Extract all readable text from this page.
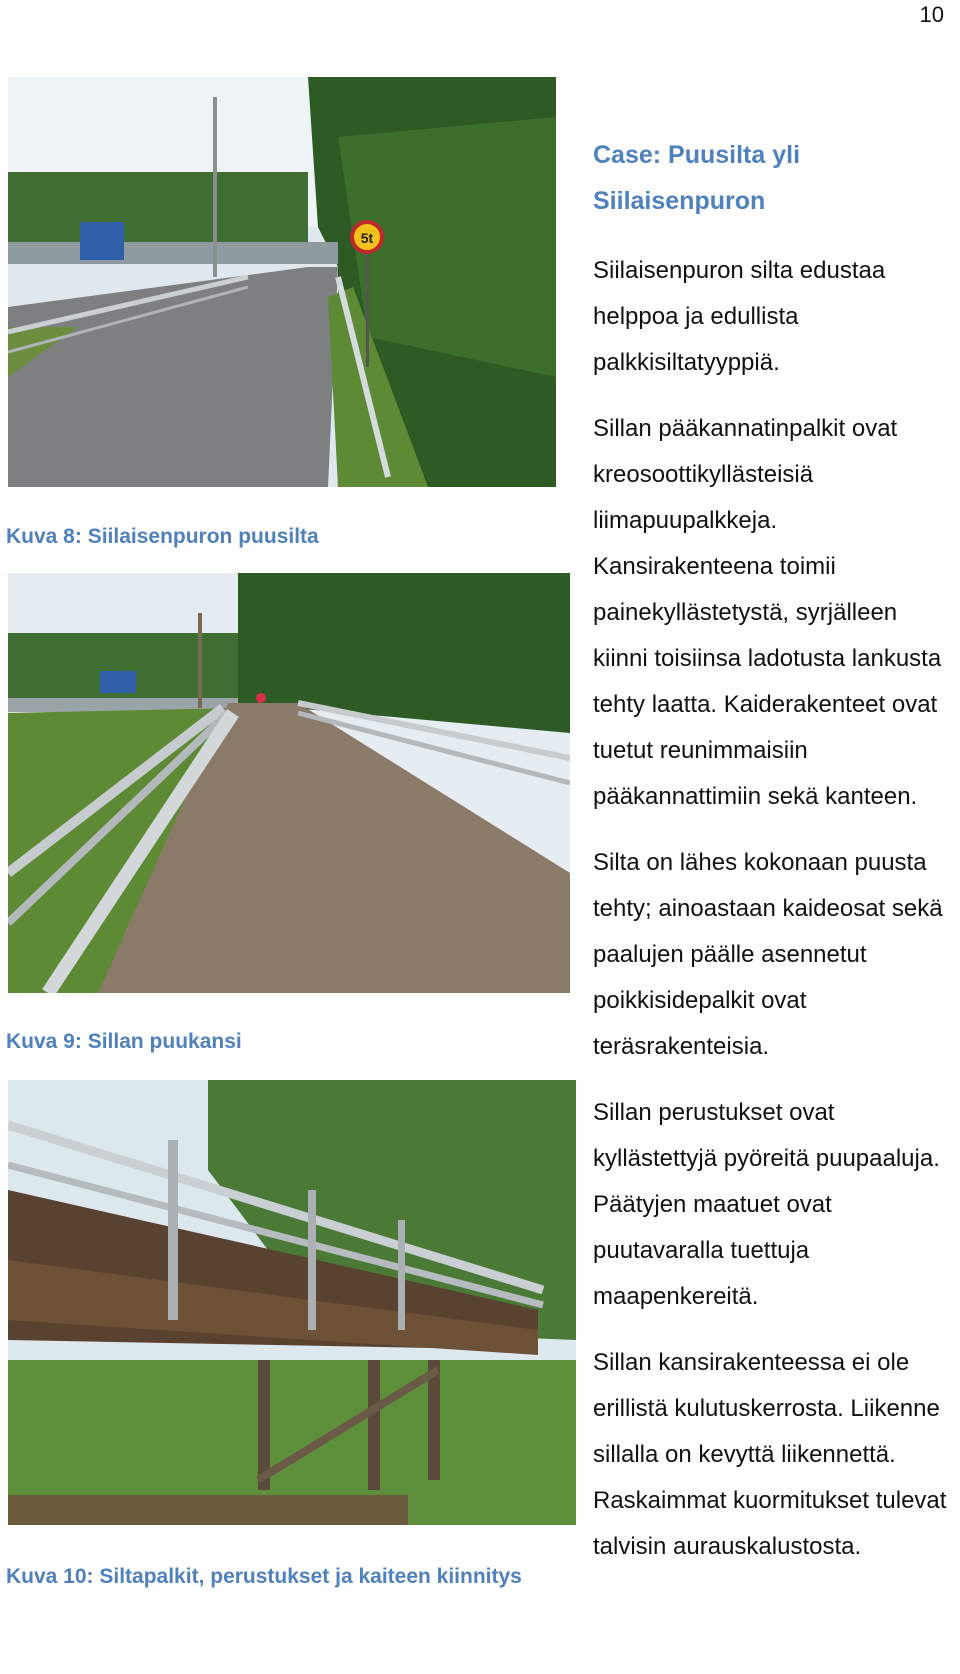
10
5t
Kuva 8: Siilaisenpuron puusilta
Kuva 9: Sillan puukansi
Kuva 10: Siltapalkit, perustukset ja kaiteen kiinnitys
Case: Puusilta yli
Siilaisenpuron

Siilaisenpuron silta edustaa helppoa ja edullista palkkisiltatyyppiä.

Sillan pääkannatinpalkit ovat kreosoottikyllästeisiä liimapuupalkkeja. Kansirakenteena toimii painekyllästetystä, syrjälleen kiinni toisiinsa ladotusta lankusta tehty laatta. Kaiderakenteet ovat tuetut reunimmaisiin pääkannattimiin sekä kanteen.

Silta on lähes kokonaan puusta tehty; ainoastaan kaideosat sekä paalujen päälle asennetut poikkisidepalkit ovat teräsrakenteisia.

Sillan perustukset ovat kyllästettyjä pyöreitä puupaaluja. Päätyjen maatuet ovat puutavaralla tuettuja maapenkereitä.

Sillan kansirakenteessa ei ole erillistä kulutuskerrosta. Liikenne sillalla on kevyttä liikennettä. Raskaimmat kuormitukset tulevat talvisin aurauskalustosta.
